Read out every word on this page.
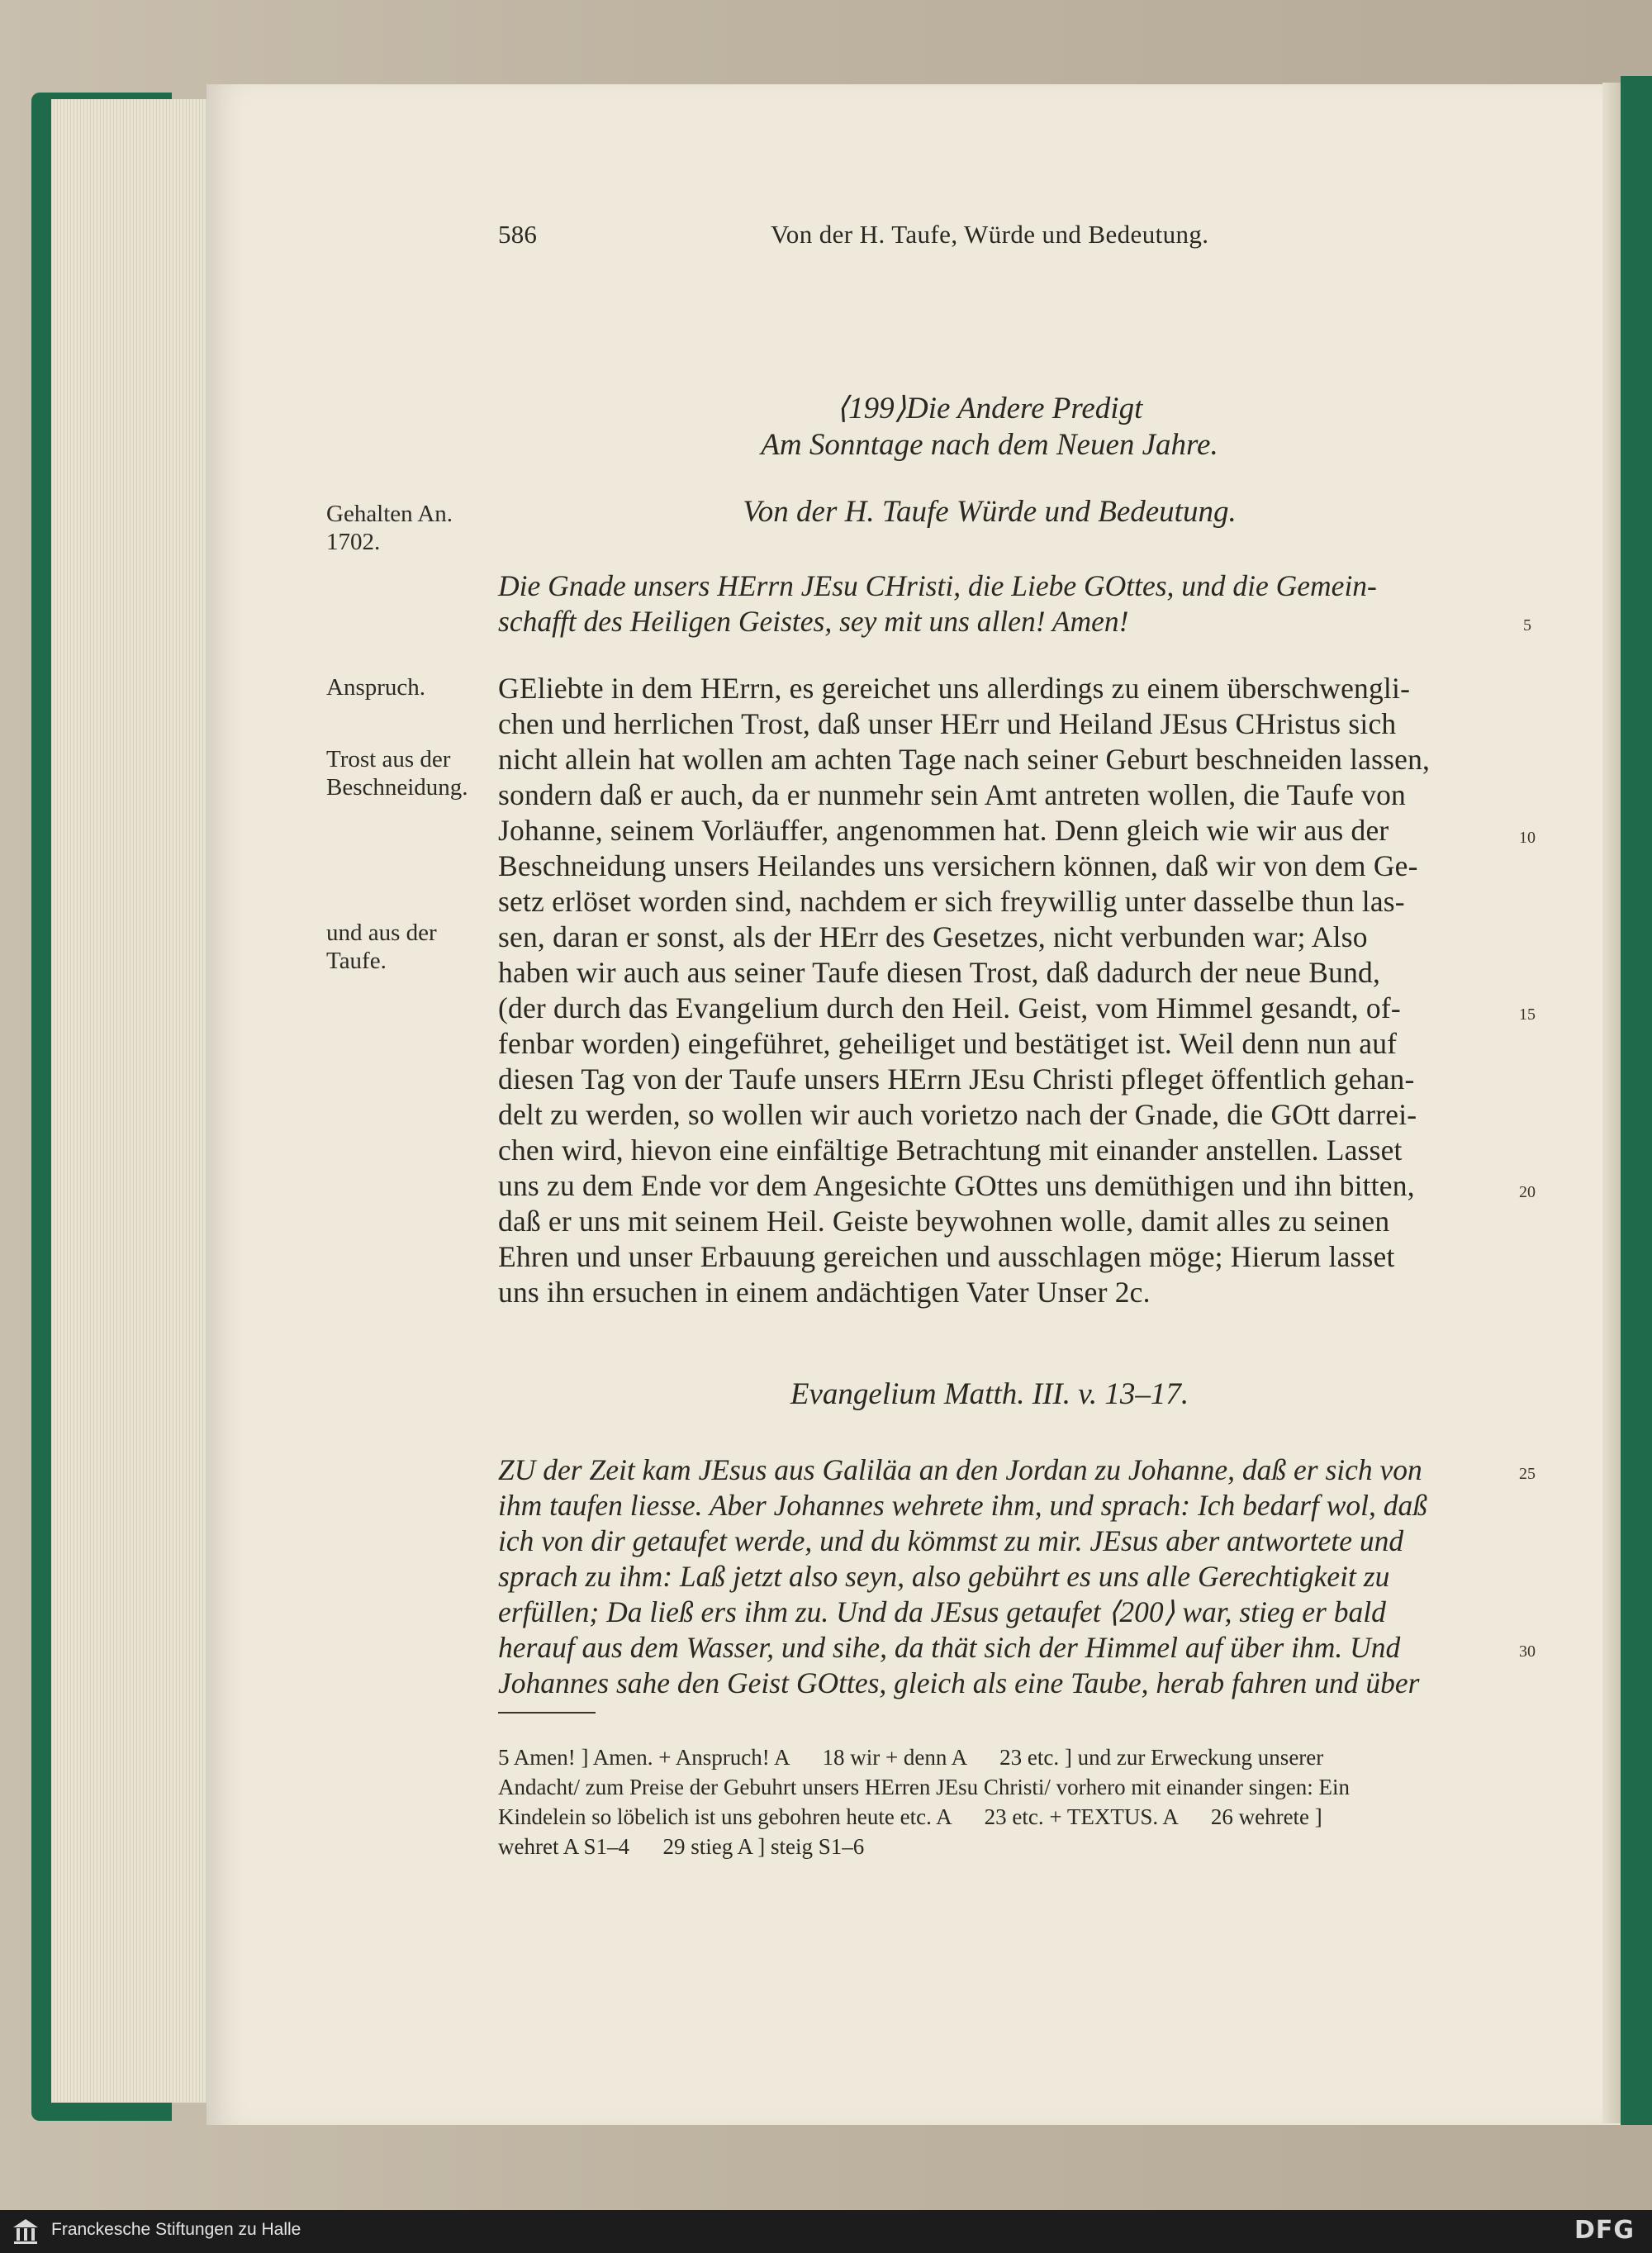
586	Von der H. Taufe, Würde und Bedeutung.
⟨199⟩Die Andere Predigt
Am Sonntage nach dem Neuen Jahre.
Von der H. Taufe Würde und Bedeutung.
Gehalten An.
1702.
Anspruch.
Trost aus der
Beschneidung.
und aus der
Taufe.
Die Gnade unsers HErrn JEsu CHristi, die Liebe GOttes, und die Gemein-
schafft des Heiligen Geistes, sey mit uns allen! Amen!
GEliebte in dem HErrn, es gereichet uns allerdings zu einem überschwengli-
chen und herrlichen Trost, daß unser HErr und Heiland JEsus CHristus sich
nicht allein hat wollen am achten Tage nach seiner Geburt beschneiden lassen,
sondern daß er auch, da er nunmehr sein Amt antreten wollen, die Taufe von
Johanne, seinem Vorläuffer, angenommen hat. Denn gleich wie wir aus der
Beschneidung unsers Heilandes uns versichern können, daß wir von dem Ge-
setz erlöset worden sind, nachdem er sich freywillig unter dasselbe thun las-
sen, daran er sonst, als der HErr des Gesetzes, nicht verbunden war; Also
haben wir auch aus seiner Taufe diesen Trost, daß dadurch der neue Bund,
(der durch das Evangelium durch den Heil. Geist, vom Himmel gesandt, of-
fenbar worden) eingeführet, geheiliget und bestätiget ist. Weil denn nun auf
diesen Tag von der Taufe unsers HErrn JEsu Christi pfleget öffentlich gehan-
delt zu werden, so wollen wir auch vorietzo nach der Gnade, die GOtt darrei-
chen wird, hievon eine einfältige Betrachtung mit einander anstellen. Lasset
uns zu dem Ende vor dem Angesichte GOttes uns demüthigen und ihn bitten,
daß er uns mit seinem Heil. Geiste beywohnen wolle, damit alles zu seinen
Ehren und unser Erbauung gereichen und ausschlagen möge; Hierum lasset
uns ihn ersuchen in einem andächtigen Vater Unser 2c.
Evangelium Matth. III. v. 13–17.
ZU der Zeit kam JEsus aus Galiläa an den Jordan zu Johanne, daß er sich von
ihm taufen liesse. Aber Johannes wehrete ihm, und sprach: Ich bedarf wol, daß
ich von dir getaufet werde, und du kömmst zu mir. JEsus aber antwortete und
sprach zu ihm: Laß jetzt also seyn, also gebührt es uns alle Gerechtigkeit zu
erfüllen; Da ließ ers ihm zu. Und da JEsus getaufet ⟨200⟩ war, stieg er bald
herauf aus dem Wasser, und sihe, da thät sich der Himmel auf über ihm. Und
Johannes sahe den Geist GOttes, gleich als eine Taube, herab fahren und über
5
10
15
20
25
30
5 Amen! ] Amen. + Anspruch! A      18 wir + denn A      23 etc. ] und zur Erweckung unserer
Andacht/ zum Preise der Gebuhrt unsers HErren JEsu Christi/ vorhero mit einander singen: Ein
Kindelein so löbelich ist uns gebohren heute etc. A      23 etc. + TEXTUS. A      26 wehrete ]
wehret A S1–4      29 stieg A ] steig S1–6
Franckesche Stiftungen zu Halle	DFG
